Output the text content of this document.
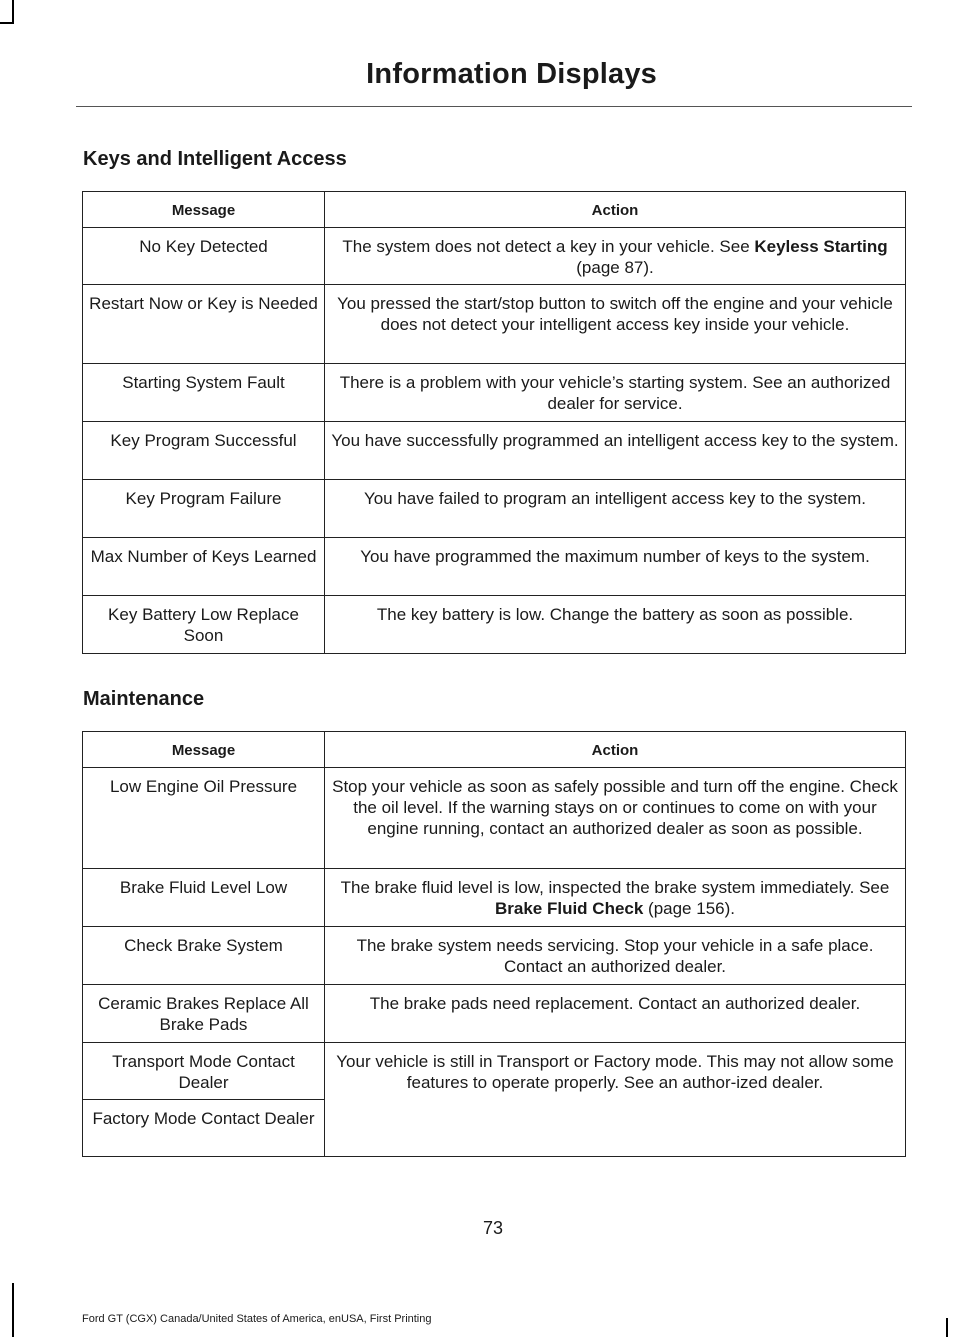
Information Displays
Keys and Intelligent Access
Message	Action
No Key Detected	The system does not detect a key in your vehicle. See Keyless Starting (page 87).
Restart Now or Key is Needed	You pressed the start/stop button to switch off the engine and your vehicle does not detect your intelligent access key inside your vehicle.
Starting System Fault	There is a problem with your vehicle’s starting system. See an authorized dealer for service.
Key Program Successful	You have successfully programmed an intelligent access key to the system.
Key Program Failure	You have failed to program an intelligent access key to the system.
Max Number of Keys Learned	You have programmed the maximum number of keys to the system.
Key Battery Low Replace Soon	The key battery is low. Change the battery as soon as possible.
Maintenance
Message	Action
Low Engine Oil Pressure	Stop your vehicle as soon as safely possible and turn off the engine. Check the oil level. If the warning stays on or continues to come on with your engine running, contact an authorized dealer as soon as possible.
Brake Fluid Level Low	The brake fluid level is low, inspected the brake system immediately. See Brake Fluid Check (page 156).
Check Brake System	The brake system needs servicing. Stop your vehicle in a safe place. Contact an authorized dealer.
Ceramic Brakes Replace All Brake Pads	The brake pads need replacement. Contact an authorized dealer.
Transport Mode Contact Dealer	Your vehicle is still in Transport or Factory mode. This may not allow some features to operate properly. See an author-ized dealer.
Factory Mode Contact Dealer	
73
Ford GT (CGX) Canada/United States of America, enUSA, First Printing
